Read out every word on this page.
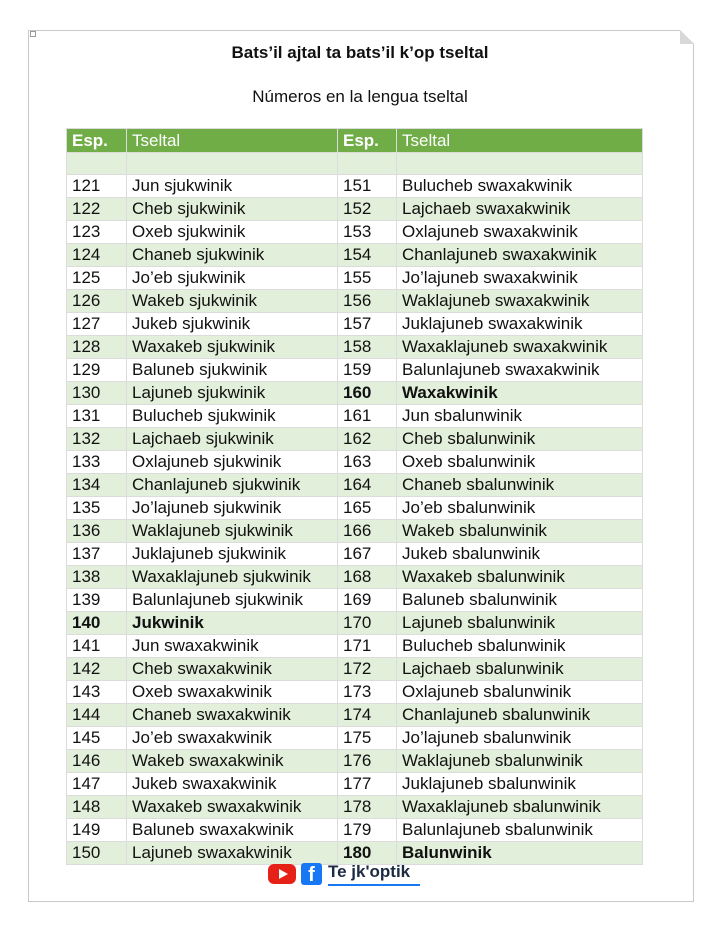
Bats’il ajtal ta bats’il k’op tseltal
Números en la lengua tseltal
Esp.	Tseltal	Esp.	Tseltal

121	Jun sjukwinik	151	Bulucheb swaxakwinik
122	Cheb sjukwinik	152	Lajchaeb swaxakwinik
123	Oxeb sjukwinik	153	Oxlajuneb swaxakwinik
124	Chaneb sjukwinik	154	Chanlajuneb swaxakwinik
125	Jo’eb sjukwinik	155	Jo’lajuneb swaxakwinik
126	Wakeb sjukwinik	156	Waklajuneb swaxakwinik
127	Jukeb sjukwinik	157	Juklajuneb swaxakwinik
128	Waxakeb sjukwinik	158	Waxaklajuneb swaxakwinik
129	Baluneb sjukwinik	159	Balunlajuneb swaxakwinik
130	Lajuneb sjukwinik	160	Waxakwinik
131	Bulucheb sjukwinik	161	Jun sbalunwinik
132	Lajchaeb sjukwinik	162	Cheb sbalunwinik
133	Oxlajuneb sjukwinik	163	Oxeb sbalunwinik
134	Chanlajuneb sjukwinik	164	Chaneb sbalunwinik
135	Jo’lajuneb sjukwinik	165	Jo’eb sbalunwinik
136	Waklajuneb sjukwinik	166	Wakeb sbalunwinik
137	Juklajuneb sjukwinik	167	Jukeb sbalunwinik
138	Waxaklajuneb sjukwinik	168	Waxakeb sbalunwinik
139	Balunlajuneb sjukwinik	169	Baluneb sbalunwinik
140	Jukwinik	170	Lajuneb sbalunwinik
141	Jun swaxakwinik	171	Bulucheb sbalunwinik
142	Cheb swaxakwinik	172	Lajchaeb sbalunwinik
143	Oxeb swaxakwinik	173	Oxlajuneb sbalunwinik
144	Chaneb swaxakwinik	174	Chanlajuneb sbalunwinik
145	Jo’eb swaxakwinik	175	Jo’lajuneb sbalunwinik
146	Wakeb swaxakwinik	176	Waklajuneb sbalunwinik
147	Jukeb swaxakwinik	177	Juklajuneb sbalunwinik
148	Waxakeb swaxakwinik	178	Waxaklajuneb sbalunwinik
149	Baluneb swaxakwinik	179	Balunlajuneb sbalunwinik
150	Lajuneb swaxakwinik	180	Balunwinik
f Te jk'optik
